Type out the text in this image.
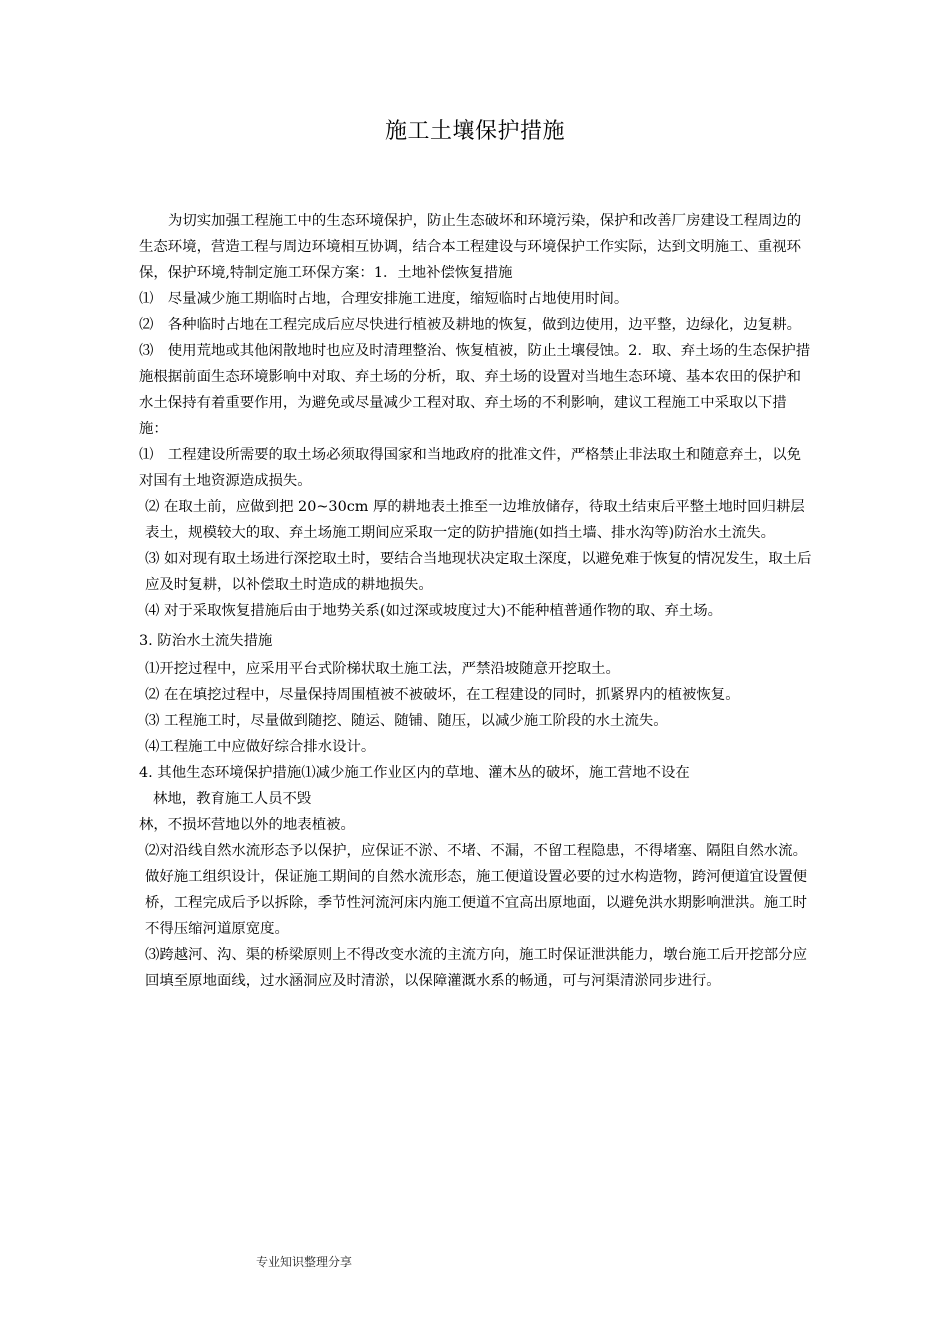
施工土壤保护措施

为切实加强工程施工中的生态环境保护，防止生态破坏和环境污染，保护和改善厂房建设工程周边的生态环境，营造工程与周边环境相互协调，结合本工程建设与环境保护工作实际，达到文明施工、重视环保，保护环境,特制定施工环保方案：1．土地补偿恢复措施

⑴　尽量减少施工期临时占地，合理安排施工进度，缩短临时占地使用时间。

⑵　各种临时占地在工程完成后应尽快进行植被及耕地的恢复，做到边使用，边平整，边绿化，边复耕。

⑶　使用荒地或其他闲散地时也应及时清理整治、恢复植被，防止土壤侵蚀。2．取、弃土场的生态保护措施根据前面生态环境影响中对取、弃土场的分析，取、弃土场的设置对当地生态环境、基本农田的保护和水土保持有着重要作用，为避免或尽量减少工程对取、弃土场的不利影响，建议工程施工中采取以下措施：

⑴　工程建设所需要的取土场必须取得国家和当地政府的批准文件，严格禁止非法取土和随意弃土，以免对国有土地资源造成损失。

⑵ 在取土前，应做到把 20~30cm 厚的耕地表土推至一边堆放储存，待取土结束后平整土地时回归耕层表土，规模较大的取、弃土场施工期间应采取一定的防护措施(如挡土墙、排水沟等)防治水土流失。

⑶ 如对现有取土场进行深挖取土时，要结合当地现状决定取土深度，以避免难于恢复的情况发生，取土后应及时复耕，以补偿取土时造成的耕地损失。

⑷ 对于采取恢复措施后由于地势关系(如过深或坡度过大)不能种植普通作物的取、弃土场。

3. 防治水土流失措施

⑴开挖过程中，应采用平台式阶梯状取土施工法，严禁沿坡随意开挖取土。

⑵ 在在填挖过程中，尽量保持周围植被不被破坏，在工程建设的同时，抓紧界内的植被恢复。

⑶ 工程施工时，尽量做到随挖、随运、随铺、随压，以减少施工阶段的水土流失。

⑷工程施工中应做好综合排水设计。

4. 其他生态环境保护措施⑴减少施工作业区内的草地、灌木丛的破坏，施工营地不设在

林地，教育施工人员不毁

林，不损坏营地以外的地表植被。

⑵对沿线自然水流形态予以保护，应保证不淤、不堵、不漏，不留工程隐患，不得堵塞、隔阻自然水流。做好施工组织设计，保证施工期间的自然水流形态，施工便道设置必要的过水构造物，跨河便道宜设置便桥，工程完成后予以拆除，季节性河流河床内施工便道不宜高出原地面，以避免洪水期影响泄洪。施工时不得压缩河道原宽度。

⑶跨越河、沟、渠的桥梁原则上不得改变水流的主流方向，施工时保证泄洪能力，墩台施工后开挖部分应回填至原地面线，过水涵洞应及时清淤，以保障灌溉水系的畅通，可与河渠清淤同步进行。

专业知识整理分享
